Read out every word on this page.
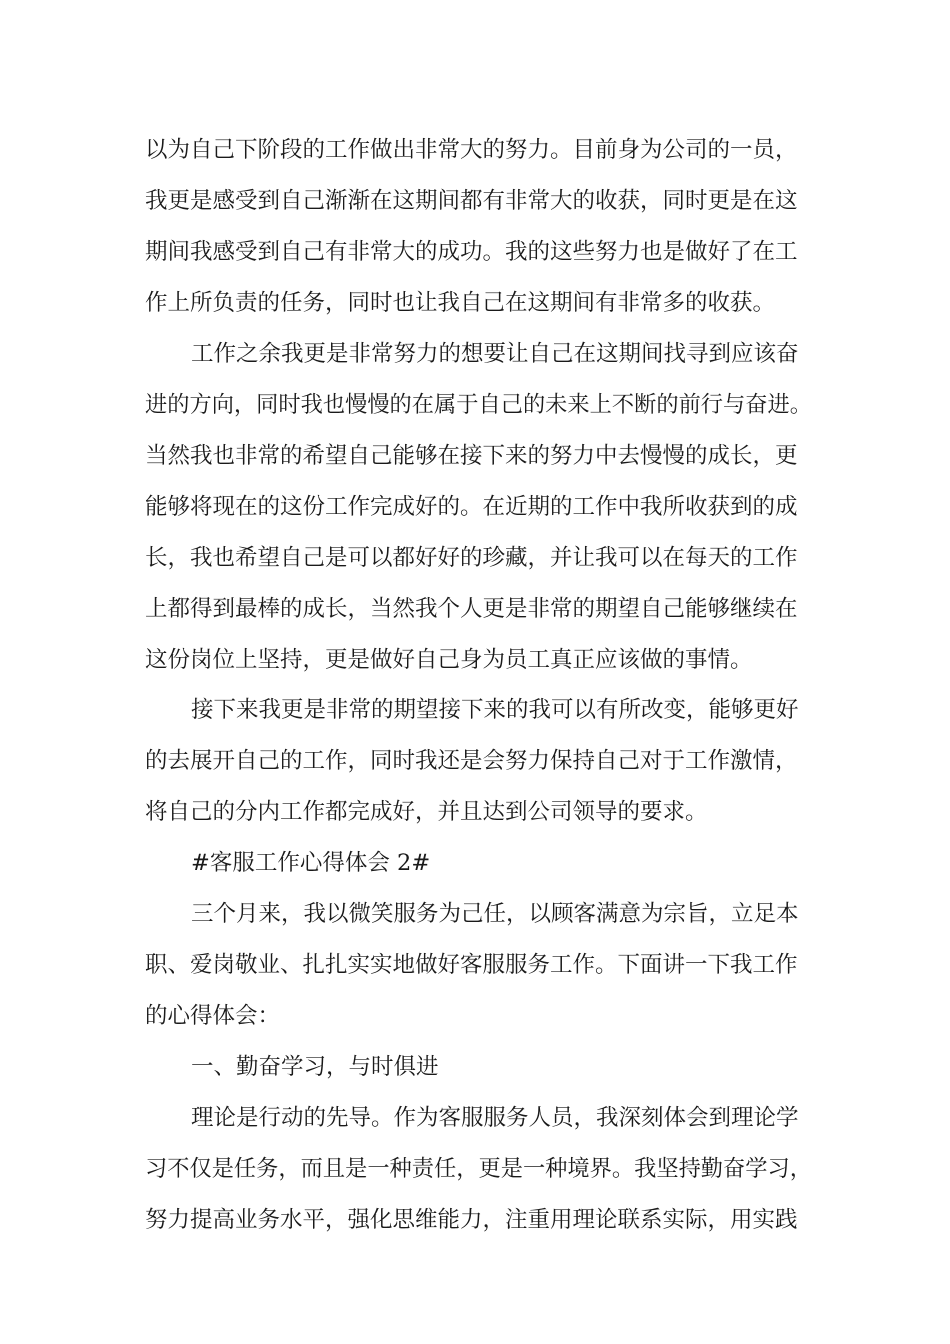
以为自己下阶段的工作做出非常大的努力。目前身为公司的一员，

我更是感受到自己渐渐在这期间都有非常大的收获，同时更是在这

期间我感受到自己有非常大的成功。我的这些努力也是做好了在工

作上所负责的任务，同时也让我自己在这期间有非常多的收获。

工作之余我更是非常努力的想要让自己在这期间找寻到应该奋

进的方向，同时我也慢慢的在属于自己的未来上不断的前行与奋进。

当然我也非常的希望自己能够在接下来的努力中去慢慢的成长，更

能够将现在的这份工作完成好的。在近期的工作中我所收获到的成

长，我也希望自己是可以都好好的珍藏，并让我可以在每天的工作

上都得到最棒的成长，当然我个人更是非常的期望自己能够继续在

这份岗位上坚持，更是做好自己身为员工真正应该做的事情。

接下来我更是非常的期望接下来的我可以有所改变，能够更好

的去展开自己的工作，同时我还是会努力保持自己对于工作激情，

将自己的分内工作都完成好，并且达到公司领导的要求。

#客服工作心得体会 2#

三个月来，我以微笑服务为己任，以顾客满意为宗旨，立足本

职、爱岗敬业、扎扎实实地做好客服服务工作。下面讲一下我工作

的心得体会：

一、勤奋学习，与时俱进

理论是行动的先导。作为客服服务人员，我深刻体会到理论学

习不仅是任务，而且是一种责任，更是一种境界。我坚持勤奋学习，

努力提高业务水平，强化思维能力，注重用理论联系实际，用实践
